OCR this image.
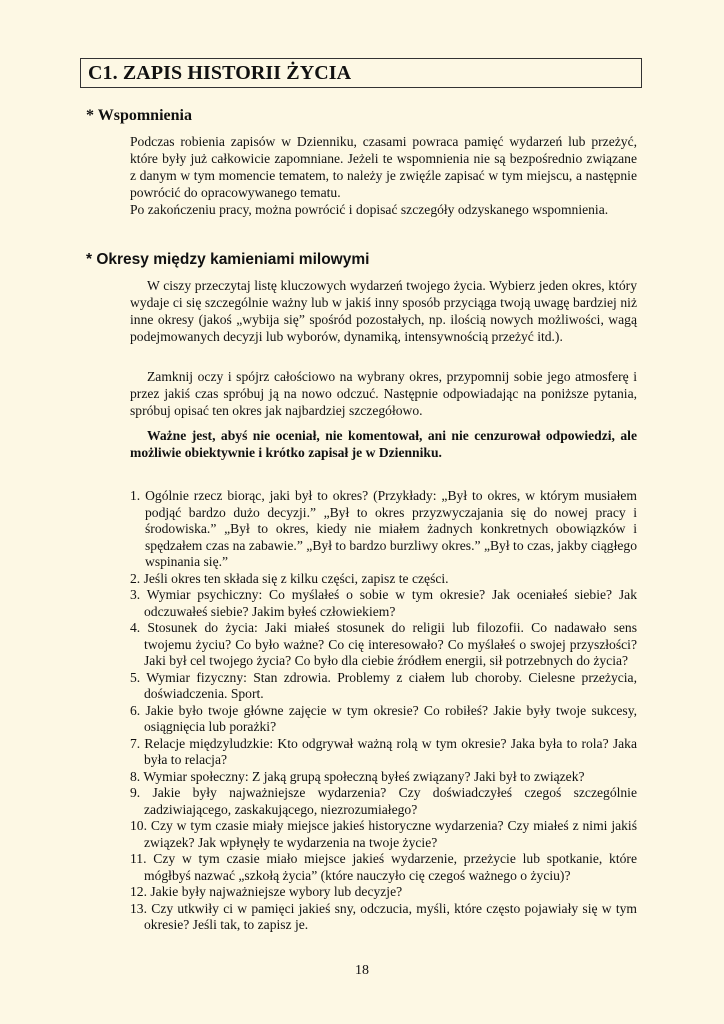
C1. ZAPIS HISTORII ŻYCIA
* Wspomnienia

Podczas robienia zapisów w Dzienniku, czasami powraca pamięć wydarzeń lub przeżyć, które były już całkowicie zapomniane. Jeżeli te wspomnienia nie są bezpośrednio związane z danym w tym momencie tematem, to należy je zwięźle zapisać w tym miejscu, a następnie powrócić do opracowywanego tematu.

Po zakończeniu pracy, można powrócić i dopisać szczegóły odzyskanego wspomnienia.

* Okresy między kamieniami milowymi

W ciszy przeczytaj listę kluczowych wydarzeń twojego życia. Wybierz jeden okres, który wydaje ci się szczególnie ważny lub w jakiś inny sposób przyciąga twoją uwagę bardziej niż inne okresy (jakoś „wybija się” spośród pozostałych, np. ilością nowych możliwości, wagą podejmowanych decyzji lub wyborów, dynamiką, intensywnością przeżyć itd.).

Zamknij oczy i spójrz całościowo na wybrany okres, przypomnij sobie jego atmosferę i przez jakiś czas spróbuj ją na nowo odczuć. Następnie odpowiadając na poniższe pytania, spróbuj opisać ten okres jak najbardziej szczegółowo.

Ważne jest, abyś nie oceniał, nie komentował, ani nie cenzurował odpowiedzi, ale możliwie obiektywnie i krótko zapisał je w Dzienniku.

1. Ogólnie rzecz biorąc, jaki był to okres? (Przykłady: „Był to okres, w którym musiałem podjąć bardzo dużo decyzji.” „Był to okres przyzwyczajania się do nowej pracy i środowiska.” „Był to okres, kiedy nie miałem żadnych konkretnych obowiązków i spędzałem czas na zabawie.” „Był to bardzo burzliwy okres.” „Był to czas, jakby ciągłego wspinania się.”
2. Jeśli okres ten składa się z kilku części, zapisz te części.
3. Wymiar psychiczny: Co myślałeś o sobie w tym okresie? Jak oceniałeś siebie? Jak odczuwałeś siebie? Jakim byłeś człowiekiem?
4. Stosunek do życia: Jaki miałeś stosunek do religii lub filozofii. Co nadawało sens twojemu życiu? Co było ważne? Co cię interesowało? Co myślałeś o swojej przyszłości? Jaki był cel twojego życia? Co było dla ciebie źródłem energii, sił potrzebnych do życia?
5. Wymiar fizyczny: Stan zdrowia. Problemy z ciałem lub choroby. Cielesne przeżycia, doświadczenia. Sport.
6. Jakie było twoje główne zajęcie w tym okresie? Co robiłeś? Jakie były twoje sukcesy, osiągnięcia lub porażki?
7. Relacje międzyludzkie: Kto odgrywał ważną rolą w tym okresie? Jaka była to rola? Jaka była to relacja?
8. Wymiar społeczny: Z jaką grupą społeczną byłeś związany? Jaki był to związek?
9. Jakie były najważniejsze wydarzenia? Czy doświadczyłeś czegoś szczególnie zadziwiającego, zaskakującego, niezrozumiałego?
10. Czy w tym czasie miały miejsce jakieś historyczne wydarzenia? Czy miałeś z nimi jakiś związek? Jak wpłynęły te wydarzenia na twoje życie?
11. Czy w tym czasie miało miejsce jakieś wydarzenie, przeżycie lub spotkanie, które mógłbyś nazwać „szkołą życia” (które nauczyło cię czegoś ważnego o życiu)?
12. Jakie były najważniejsze wybory lub decyzje?
13. Czy utkwiły ci w pamięci jakieś sny, odczucia, myśli, które często pojawiały się w tym okresie? Jeśli tak, to zapisz je.
18
